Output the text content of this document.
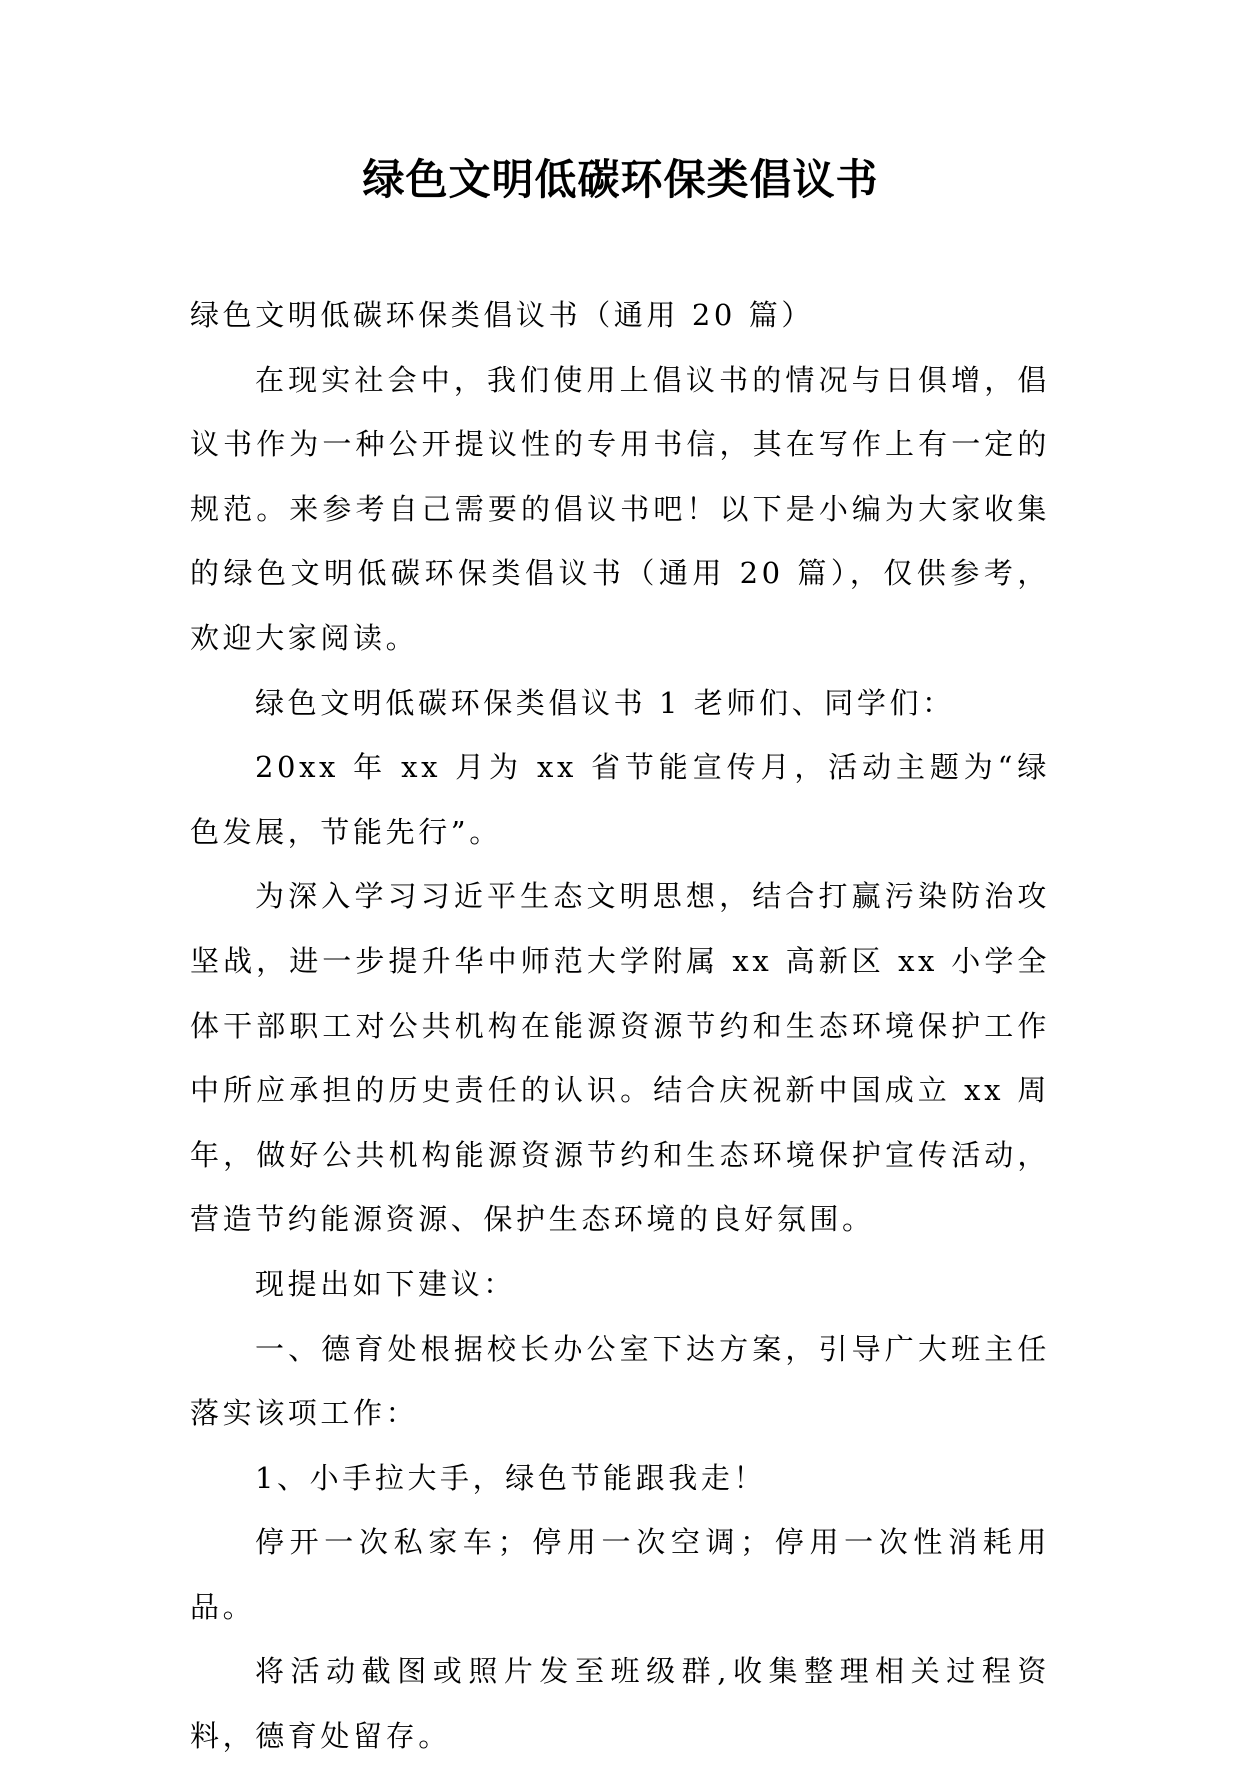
绿色文明低碳环保类倡议书

绿色文明低碳环保类倡议书（通用 20 篇）

在现实社会中，我们使用上倡议书的情况与日俱增，倡议书作为一种公开提议性的专用书信，其在写作上有一定的规范。来参考自己需要的倡议书吧！以下是小编为大家收集的绿色文明低碳环保类倡议书（通用 20 篇），仅供参考，欢迎大家阅读。

绿色文明低碳环保类倡议书 1 老师们、同学们：

20xx 年 xx 月为 xx 省节能宣传月，活动主题为“绿色发展，节能先行”。

为深入学习习近平生态文明思想，结合打赢污染防治攻坚战，进一步提升华中师范大学附属 xx 高新区 xx 小学全体干部职工对公共机构在能源资源节约和生态环境保护工作中所应承担的历史责任的认识。结合庆祝新中国成立 xx 周年，做好公共机构能源资源节约和生态环境保护宣传活动，营造节约能源资源、保护生态环境的良好氛围。

现提出如下建议：

一、德育处根据校长办公室下达方案，引导广大班主任落实该项工作：

1、小手拉大手，绿色节能跟我走！

停开一次私家车；停用一次空调；停用一次性消耗用品。

将活动截图或照片发至班级群,收集整理相关过程资料，德育处留存。
